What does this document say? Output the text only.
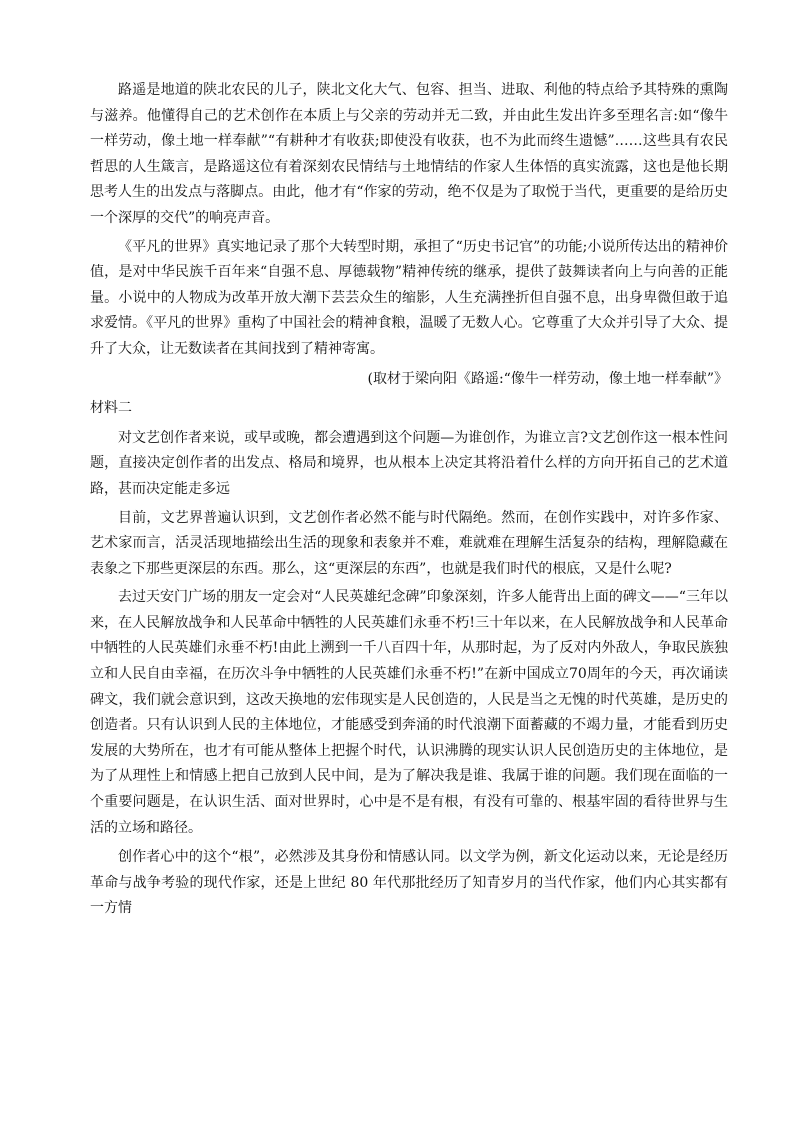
路遥是地道的陕北农民的儿子，陕北文化大气、包容、担当、进取、利他的特点给予其特殊的熏陶与滋养。他懂得自己的艺术创作在本质上与父亲的劳动并无二致，并由此生发出许多至理名言:如“像牛一样劳动，像土地一样奉献”“有耕种才有收获;即使没有收获，也不为此而终生遗憾”……这些具有农民哲思的人生箴言，是路遥这位有着深刻农民情结与土地情结的作家人生体悟的真实流露，这也是他长期思考人生的出发点与落脚点。由此，他才有“作家的劳动，绝不仅是为了取悦于当代，更重要的是给历史一个深厚的交代”的响亮声音。

《平凡的世界》真实地记录了那个大转型时期，承担了“历史书记官”的功能;小说所传达出的精神价值，是对中华民族千百年来“自强不息、厚德载物”精神传统的继承，提供了鼓舞读者向上与向善的正能量。小说中的人物成为改革开放大潮下芸芸众生的缩影，人生充满挫折但自强不息，出身卑微但敢于追求爱情。《平凡的世界》重构了中国社会的精神食粮，温暖了无数人心。它尊重了大众并引导了大众、提升了大众，让无数读者在其间找到了精神寄寓。

(取材于梁向阳《路遥:“像牛一样劳动，像土地一样奉献”》

材料二

对文艺创作者来说，或早或晚，都会遭遇到这个问题—为谁创作，为谁立言?文艺创作这一根本性问题，直接决定创作者的出发点、格局和境界，也从根本上决定其将沿着什么样的方向开拓自己的艺术道路，甚而决定能走多远

目前，文艺界普遍认识到，文艺创作者必然不能与时代隔绝。然而，在创作实践中，对许多作家、艺术家而言，活灵活现地描绘出生活的现象和表象并不难，难就难在理解生活复杂的结构，理解隐藏在表象之下那些更深层的东西。那么，这“更深层的东西”，也就是我们时代的根底，又是什么呢?

去过天安门广场的朋友一定会对“人民英雄纪念碑”印象深刻，许多人能背出上面的碑文——“三年以来，在人民解放战争和人民革命中牺牲的人民英雄们永垂不朽!三十年以来，在人民解放战争和人民革命中牺牲的人民英雄们永垂不朽!由此上溯到一千八百四十年，从那时起，为了反对内外敌人，争取民族独立和人民自由幸福，在历次斗争中牺牲的人民英雄们永垂不朽!”在新中国成立70周年的今天，再次诵读碑文，我们就会意识到，这改天换地的宏伟现实是人民创造的，人民是当之无愧的时代英雄，是历史的创造者。只有认识到人民的主体地位，才能感受到奔涌的时代浪潮下面蓄藏的不竭力量，才能看到历史发展的大势所在，也才有可能从整体上把握个时代，认识沸腾的现实认识人民创造历史的主体地位，是为了从理性上和情感上把自己放到人民中间，是为了解决我是谁、我属于谁的问题。我们现在面临的一个重要问题是，在认识生活、面对世界时，心中是不是有根，有没有可靠的、根基牢固的看待世界与生活的立场和路径。

创作者心中的这个“根”，必然涉及其身份和情感认同。以文学为例，新文化运动以来，无论是经历革命与战争考验的现代作家，还是上世纪 80 年代那批经历了知青岁月的当代作家，他们内心其实都有一方情
